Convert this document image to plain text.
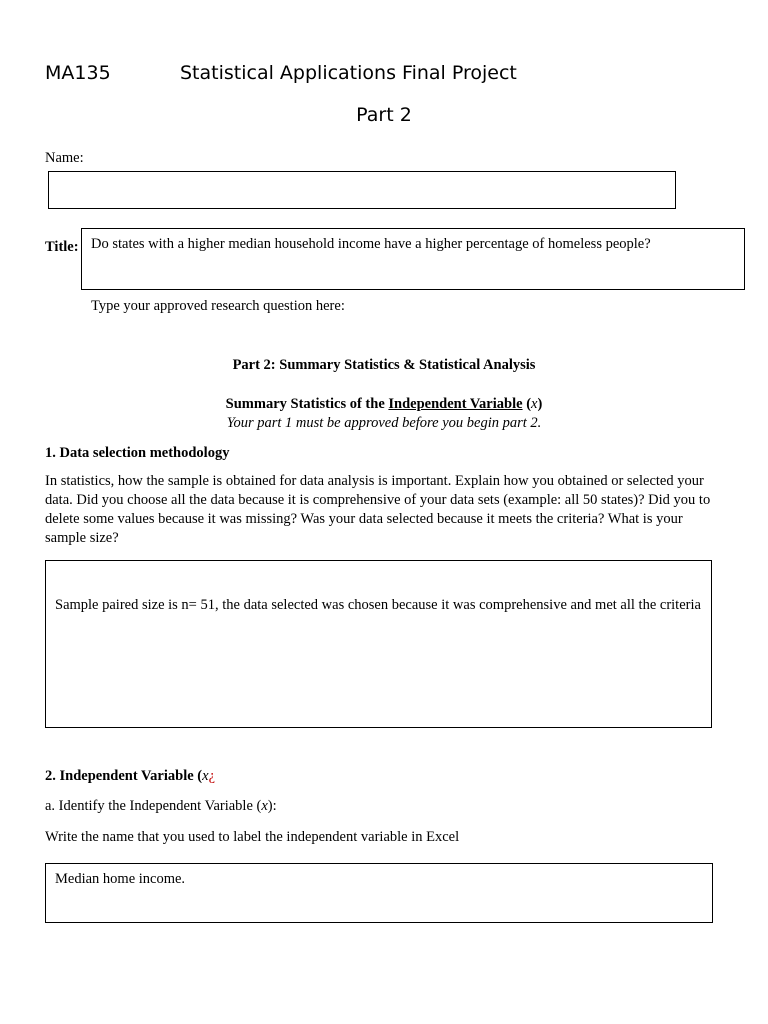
MA135	Statistical Applications Final Project
Part 2
Name:
Title: Do states with a higher median household income have a higher percentage of homeless people?
Type your approved research question here:
Part 2: Summary Statistics & Statistical Analysis
Summary Statistics of the Independent Variable (x)
Your part 1 must be approved before you begin part 2.
1. Data selection methodology
In statistics, how the sample is obtained for data analysis is important. Explain how you obtained or selected your data. Did you choose all the data because it is comprehensive of your data sets (example: all 50 states)? Did you to delete some values because it was missing? Was your data selected because it meets the criteria? What is your sample size?
Sample paired size is n= 51, the data selected was chosen because it was comprehensive and met all the criteria
2. Independent Variable (x¿
a. Identify the Independent Variable (x):
Write the name that you used to label the independent variable in Excel
Median home income.
